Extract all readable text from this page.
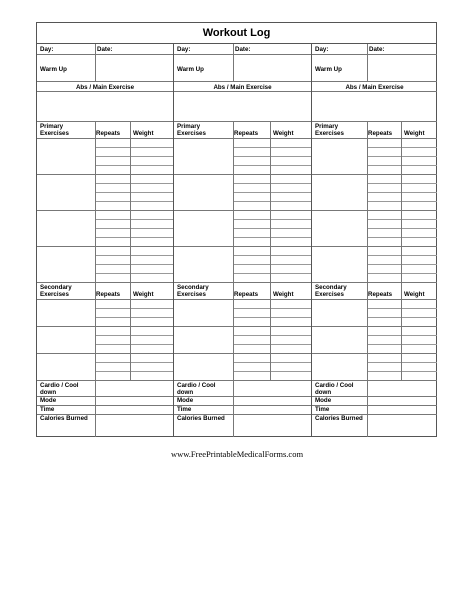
Workout Log
Day:	Date:
Warm Up
Abs / Main Exercise
Primary Exercises	Repeats Weight
Secondary Exercises	Repeats Weight
Cardio / Cool down
Mode
Time
Calories Burned
Day:	Date:
Warm Up
Abs / Main Exercise
Primary Exercises	Repeats Weight
Secondary Exercises	Repeats Weight
Cardio / Cool down
Mode
Time
Calories Burned
Day:	Date:
Warm Up
Abs / Main Exercise
Primary Exercises	Repeats Weight
Secondary Exercises	Repeats Weight
Cardio / Cool down
Mode
Time
Calories Burned
www.FreePrintableMedicalForms.com
